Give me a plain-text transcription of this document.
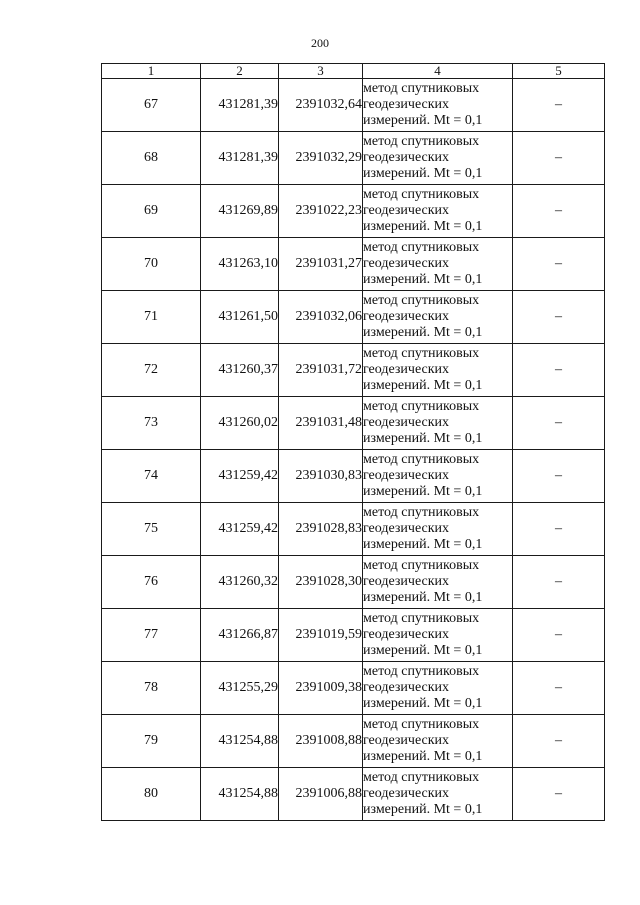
200
1	2	3	4	5
67	431281,39	2391032,64	метод спутниковых
геодезических
измерений. Mt = 0,1	–
68	431281,39	2391032,29	метод спутниковых
геодезических
измерений. Mt = 0,1	–
69	431269,89	2391022,23	метод спутниковых
геодезических
измерений. Mt = 0,1	–
70	431263,10	2391031,27	метод спутниковых
геодезических
измерений. Mt = 0,1	–
71	431261,50	2391032,06	метод спутниковых
геодезических
измерений. Mt = 0,1	–
72	431260,37	2391031,72	метод спутниковых
геодезических
измерений. Mt = 0,1	–
73	431260,02	2391031,48	метод спутниковых
геодезических
измерений. Mt = 0,1	–
74	431259,42	2391030,83	метод спутниковых
геодезических
измерений. Mt = 0,1	–
75	431259,42	2391028,83	метод спутниковых
геодезических
измерений. Mt = 0,1	–
76	431260,32	2391028,30	метод спутниковых
геодезических
измерений. Mt = 0,1	–
77	431266,87	2391019,59	метод спутниковых
геодезических
измерений. Mt = 0,1	–
78	431255,29	2391009,38	метод спутниковых
геодезических
измерений. Mt = 0,1	–
79	431254,88	2391008,88	метод спутниковых
геодезических
измерений. Mt = 0,1	–
80	431254,88	2391006,88	метод спутниковых
геодезических
измерений. Mt = 0,1	–
